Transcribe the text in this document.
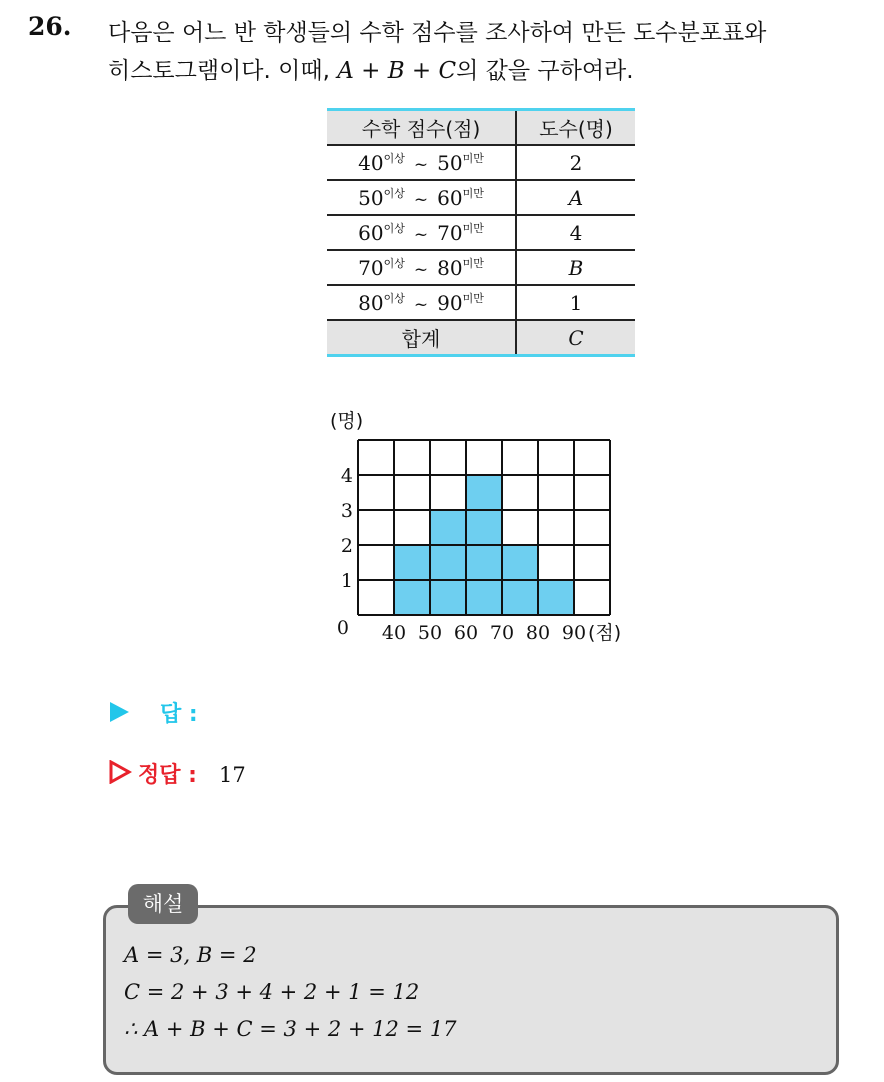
26. 다음은 어느 반 학생들의 수학 점수를 조사하여 만든 도수분포표와
히스토그램이다. 이때, A + B + C의 값을 구하여라.
수학 점수(점)	도수(명)
$40^{이상}$ ~ $50^{미만}$	2
$50^{이상}$ ~ $60^{미만}$	A
$60^{이상}$ ~ $70^{미만}$	4
$70^{이상}$ ~ $80^{미만}$	B
$80^{이상}$ ~ $90^{미만}$	1
합계	C
1
2
3
4
0 40 50 60 70 80 90 (점)
(명)
답 :
정답 : 17
해설
A = 3, B = 2
C = 2 + 3 + 4 + 2 + 1 = 12
∴ A + B + C = 3 + 2 + 12 = 17
